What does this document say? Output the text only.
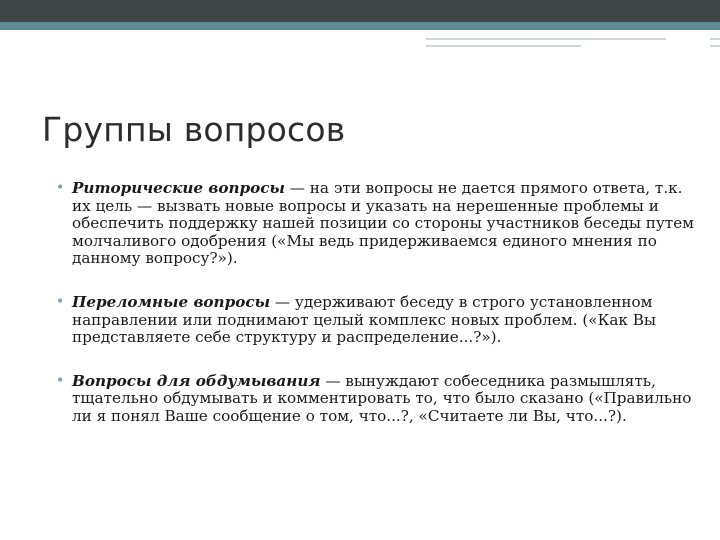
Группы вопросов
• Риторические вопросы — на эти вопросы не дается прямого ответа, т.к. их цель — вызвать новые вопросы и указать на нерешенные проблемы и обеспечить поддержку нашей позиции со стороны участников беседы путем молчаливого одобрения («Мы ведь придерживаемся единого мнения по данному вопросу?»).
• Переломные вопросы — удерживают беседу в строго установленном направлении или поднимают целый комплекс новых проблем. («Как Вы представляете себе структуру и распределение...?»).
• Вопросы для обдумывания — вынуждают собеседника размышлять, тщательно обдумывать и комментировать то, что было сказано («Правильно ли я понял Ваше сообщение о том, что...?, «Считаете ли Вы, что...?).
